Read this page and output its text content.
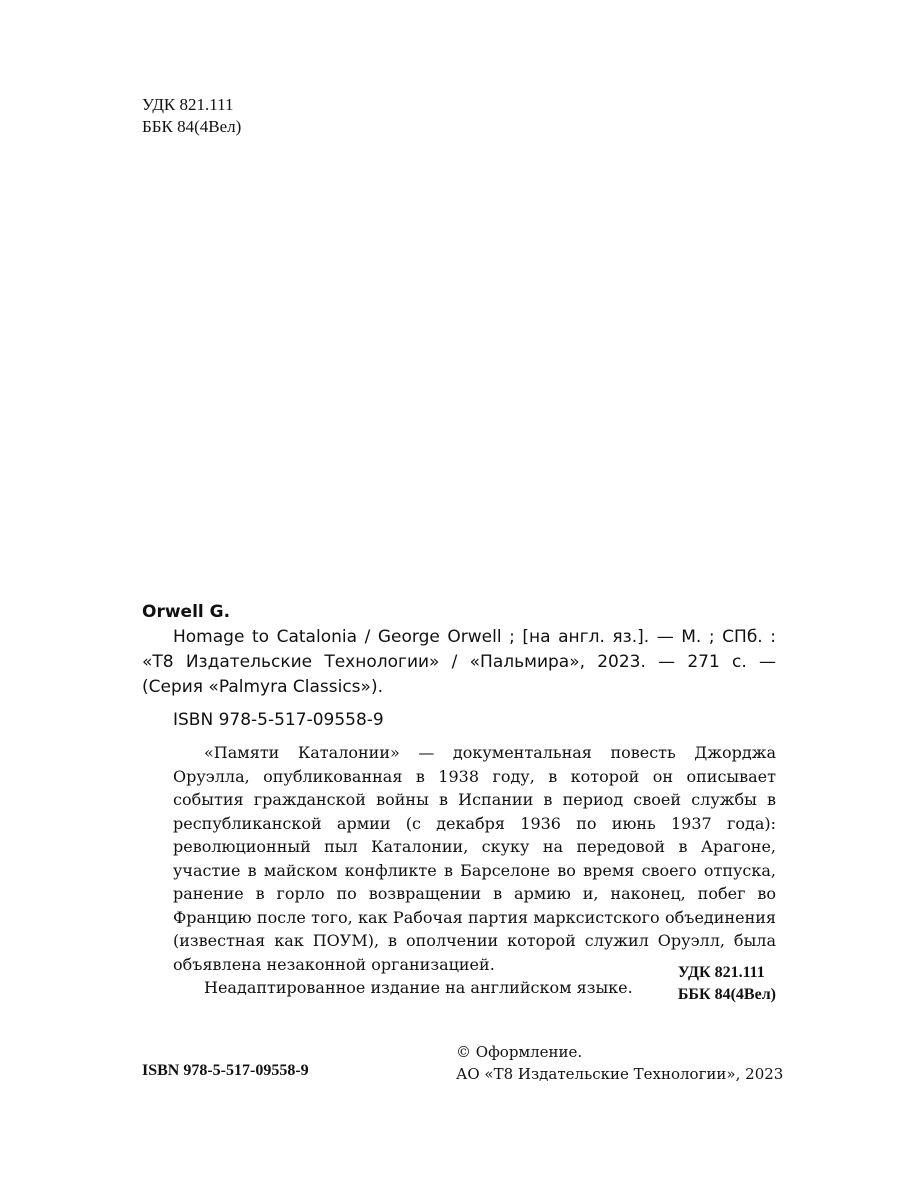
УДК 821.111
ББК 84(4Вел)

Orwell G.

Homage to Catalonia / George Orwell ; [на англ. яз.]. — М. ; СПб. : «Т8 Издательские Технологии» / «Пальмира», 2023. — 271 с. — (Серия «Palmyra Classics»).

ISBN 978-5-517-09558-9

«Памяти Каталонии» — документальная повесть Джорджа Оруэлла, опубликованная в 1938 году, в которой он описывает события гражданской войны в Испании в период своей службы в республиканской армии (с декабря 1936 по июнь 1937 года): революционный пыл Каталонии, скуку на передовой в Арагоне, участие в майском конфликте в Барселоне во время своего отпуска, ранение в горло по возвращении в армию и, наконец, побег во Францию после того, как Рабочая партия марксистского объединения (известная как ПОУМ), в ополчении которой служил Оруэлл, была объявлена незаконной организацией.

Неадаптированное издание на английском языке.

УДК 821.111
ББК 84(4Вел)
© Оформление.
АО «Т8 Издательские Технологии», 2023
ISBN 978-5-517-09558-9
